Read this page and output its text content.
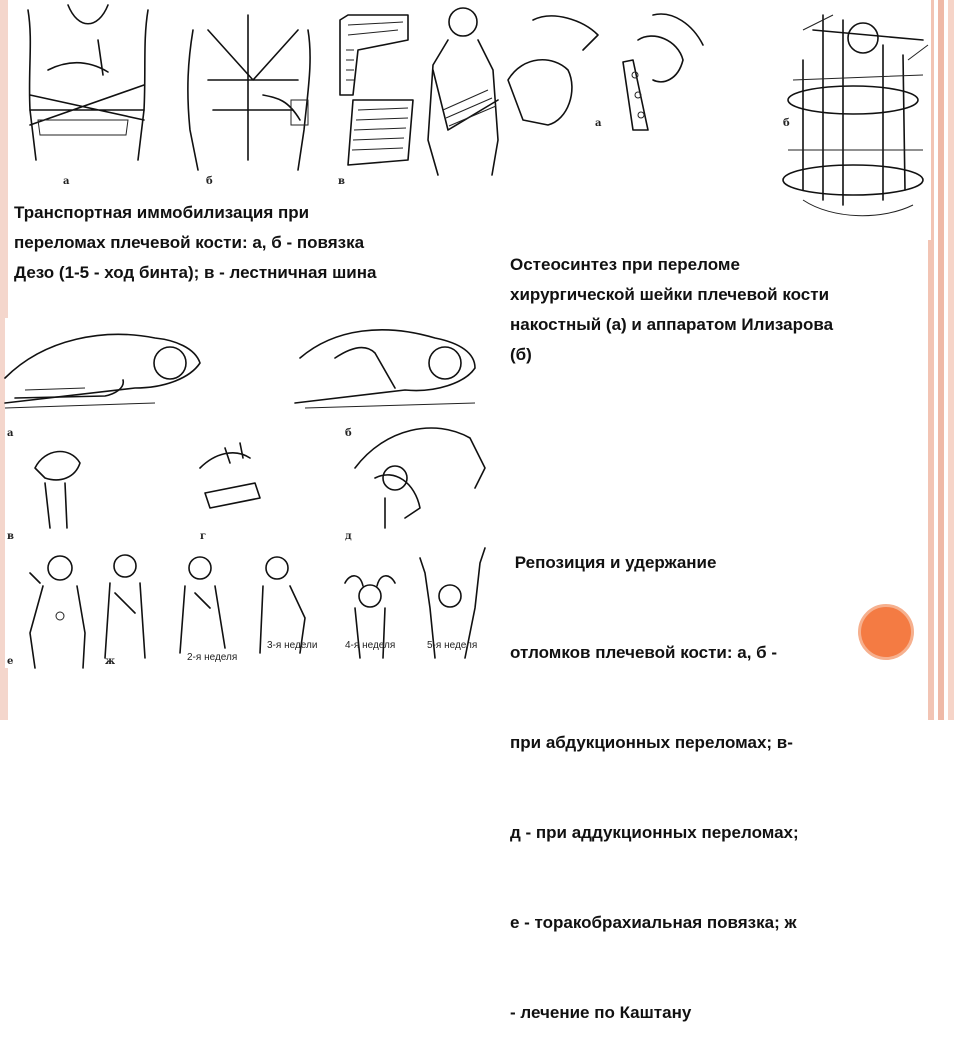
а	б	в
а	б
Транспортная иммобилизация при
переломах плечевой кости: а, б - повязка
Дезо (1-5 - ход бинта); в - лестничная шина	Остеосинтез при переломе
хирургической шейки плечевой кости
накостный (а) и аппаратом Илизарова
(б)
а	б
в	г	д
е	ж	2-я неделя
3-я недели	4-я неделя	5-я неделя

Репозиция и удержание

отломков плечевой кости: а, б -

при абдукционных переломах; в-

д - при аддукционных переломах;

е - торакобрахиальная повязка; ж

- лечение по Каштану
